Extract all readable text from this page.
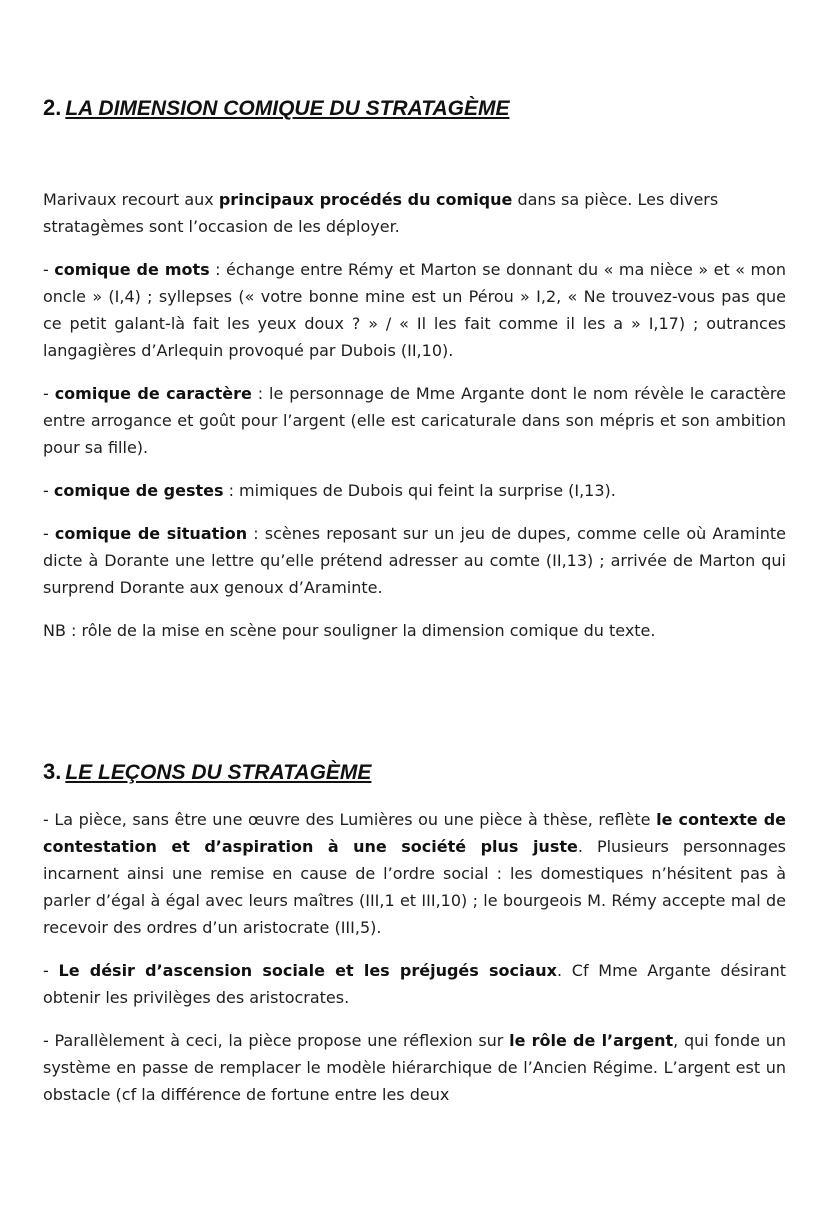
2. LA DIMENSION COMIQUE DU STRATAGÈME

Marivaux recourt aux principaux procédés du comique dans sa pièce. Les divers stratagèmes sont l’occasion de les déployer.

- comique de mots : échange entre Rémy et Marton se donnant du « ma nièce » et « mon oncle » (I,4) ; syllepses (« votre bonne mine est un Pérou » I,2, « Ne trouvez-vous pas que ce petit galant-là fait les yeux doux ? » / « Il les fait comme il les a » I,17) ; outrances langagières d’Arlequin provoqué par Dubois (II,10).

- comique de caractère : le personnage de Mme Argante dont le nom révèle le caractère entre arrogance et goût pour l’argent (elle est caricaturale dans son mépris et son ambition pour sa fille).

- comique de gestes : mimiques de Dubois qui feint la surprise (I,13).

- comique de situation : scènes reposant sur un jeu de dupes, comme celle où Araminte dicte à Dorante une lettre qu’elle prétend adresser au comte (II,13) ; arrivée de Marton qui surprend Dorante aux genoux d’Araminte.

NB : rôle de la mise en scène pour souligner la dimension comique du texte.

3. LE LEÇONS DU STRATAGÈME

- La pièce, sans être une œuvre des Lumières ou une pièce à thèse, reflète le contexte de contestation et d’aspiration à une société plus juste. Plusieurs personnages incarnent ainsi une remise en cause de l’ordre social : les domestiques n’hésitent pas à parler d’égal à égal avec leurs maîtres (III,1 et III,10) ; le bourgeois M. Rémy accepte mal de recevoir des ordres d’un aristocrate (III,5).

- Le désir d’ascension sociale et les préjugés sociaux. Cf Mme Argante désirant obtenir les privilèges des aristocrates.

- Parallèlement à ceci, la pièce propose une réflexion sur le rôle de l’argent, qui fonde un système en passe de remplacer le modèle hiérarchique de l’Ancien Régime. L’argent est un obstacle (cf la différence de fortune entre les deux
